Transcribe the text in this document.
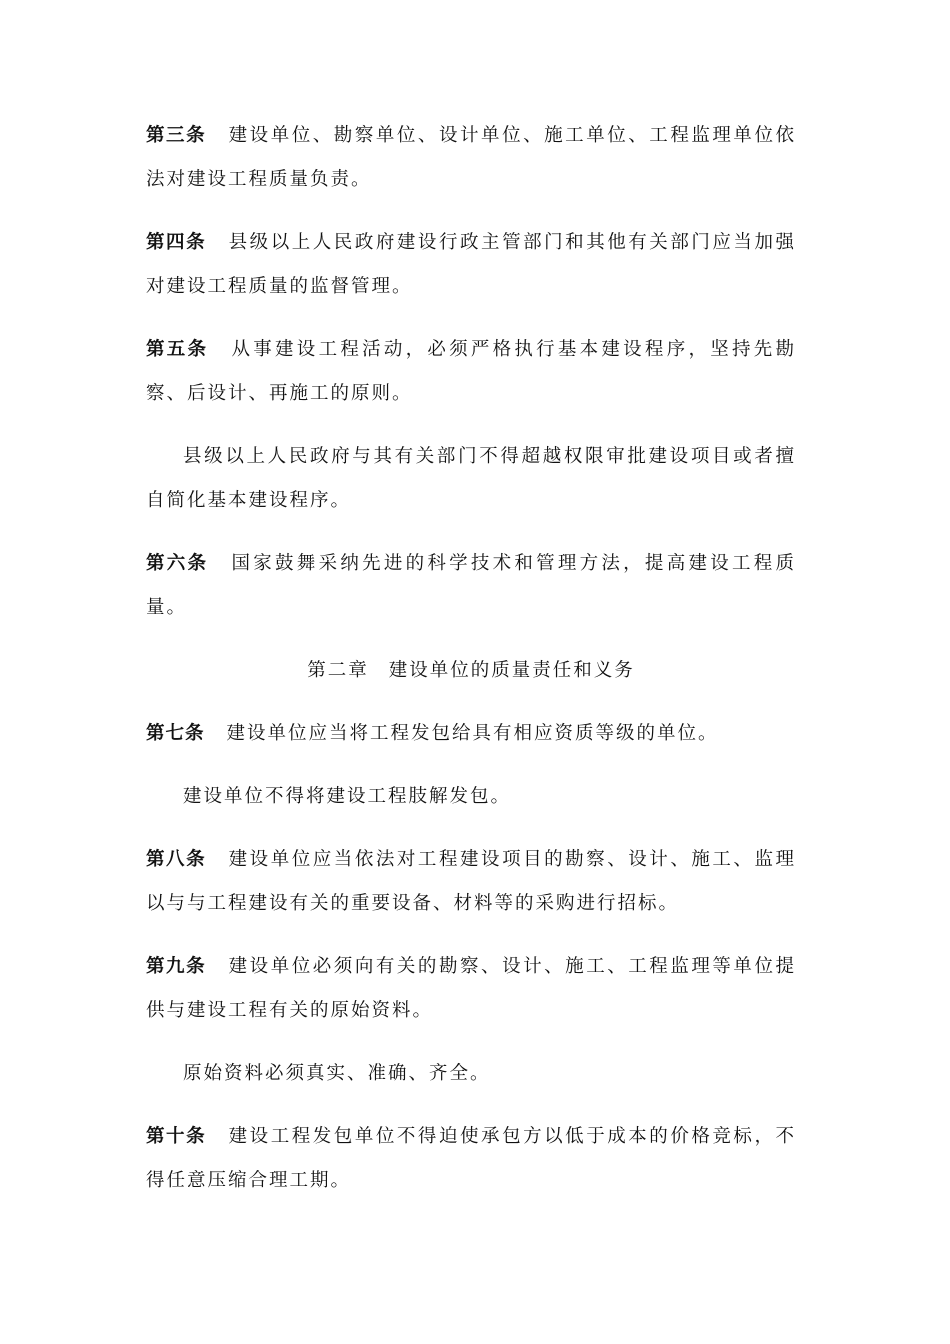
第三条 建设单位、勘察单位、设计单位、施工单位、工程监理单位依法对建设工程质量负责。

第四条 县级以上人民政府建设行政主管部门和其他有关部门应当加强对建设工程质量的监督管理。

第五条 从事建设工程活动，必须严格执行基本建设程序，坚持先勘察、后设计、再施工的原则。

县级以上人民政府与其有关部门不得超越权限审批建设项目或者擅自简化基本建设程序。

第六条 国家鼓舞采纳先进的科学技术和管理方法，提高建设工程质量。

第二章 建设单位的质量责任和义务

第七条 建设单位应当将工程发包给具有相应资质等级的单位。

建设单位不得将建设工程肢解发包。

第八条 建设单位应当依法对工程建设项目的勘察、设计、施工、监理以与与工程建设有关的重要设备、材料等的采购进行招标。

第九条 建设单位必须向有关的勘察、设计、施工、工程监理等单位提供与建设工程有关的原始资料。

原始资料必须真实、准确、齐全。

第十条 建设工程发包单位不得迫使承包方以低于成本的价格竞标，不得任意压缩合理工期。
